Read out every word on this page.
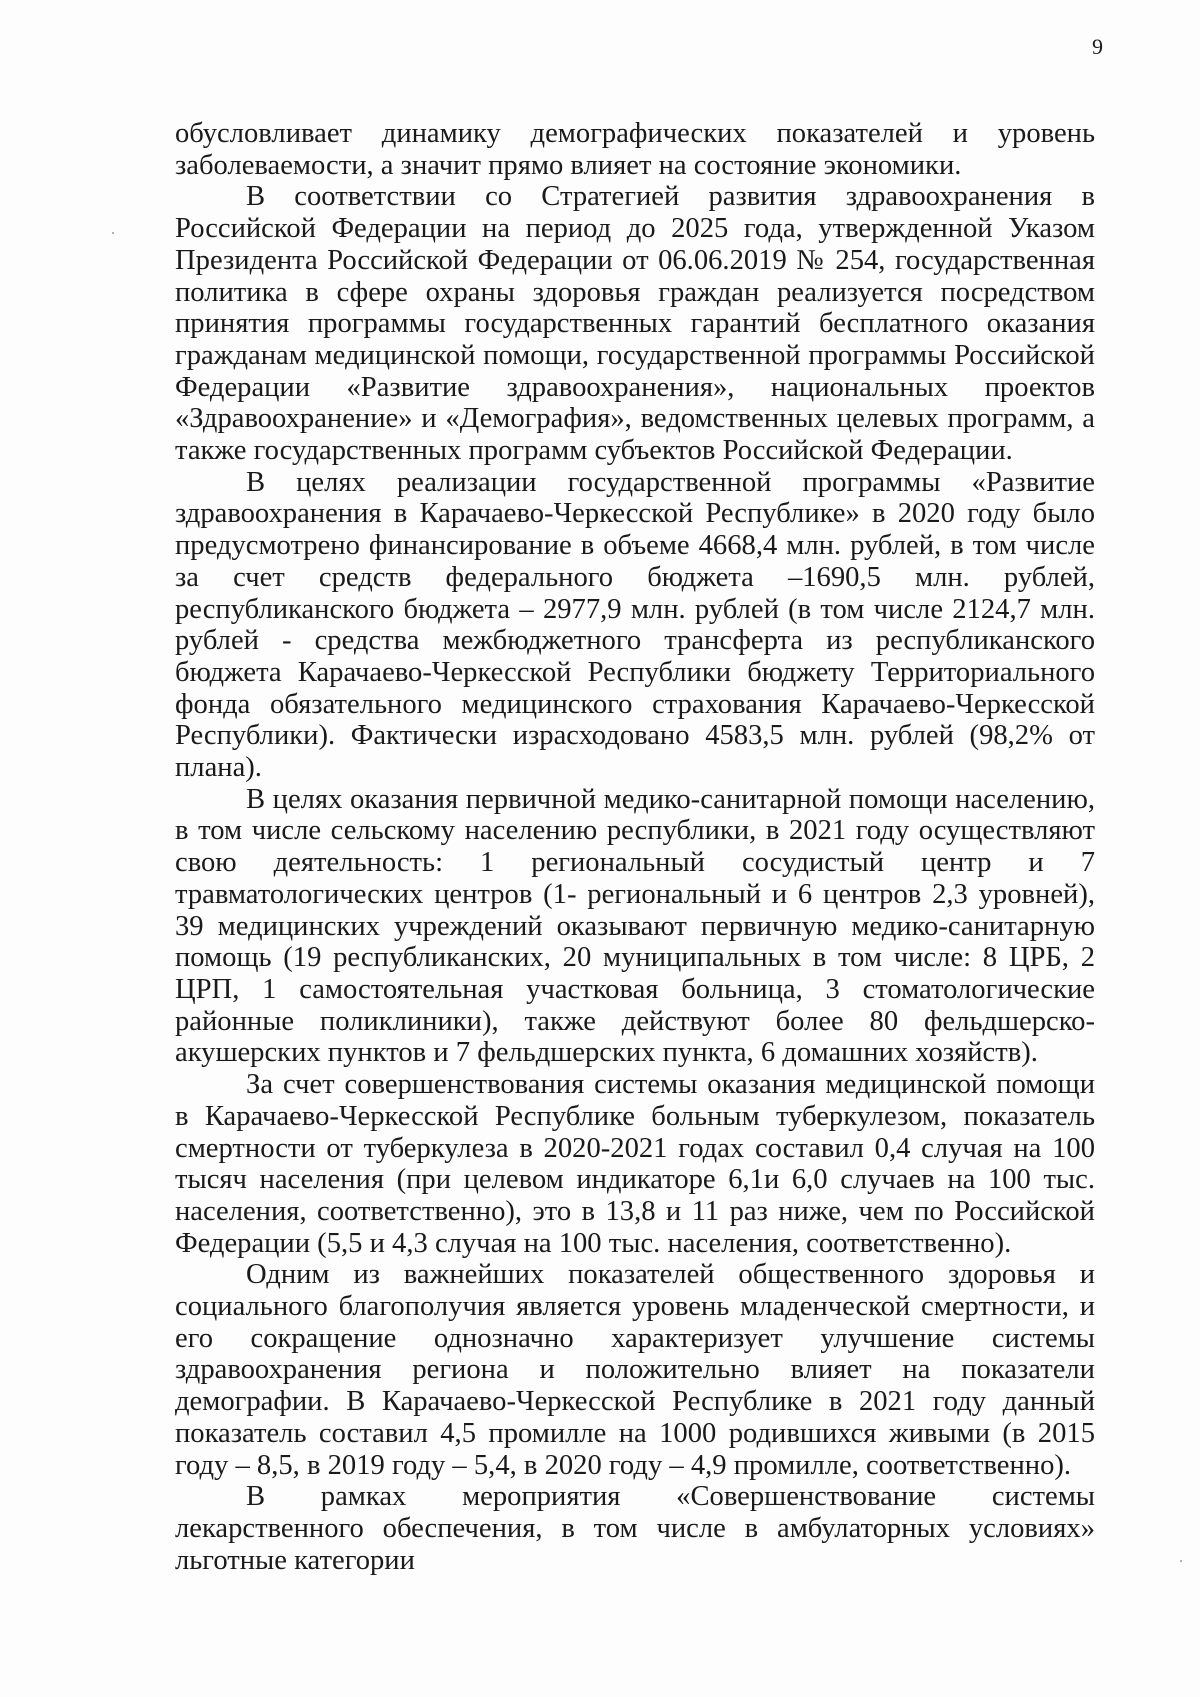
9

обусловливает динамику демографических показателей и уровень заболеваемости, а значит прямо влияет на состояние экономики.

В соответствии со Стратегией развития здравоохранения в Российской Федерации на период до 2025 года, утвержденной Указом Президента Российской Федерации от 06.06.2019 № 254, государственная политика в сфере охраны здоровья граждан реализуется посредством принятия программы государственных гарантий бесплатного оказания гражданам медицинской помощи, государственной программы Российской Федерации «Развитие здравоохранения», национальных проектов «Здравоохранение» и «Демография», ведомственных целевых программ, а также государственных программ субъектов Российской Федерации.

В целях реализации государственной программы «Развитие здравоохранения в Карачаево-Черкесской Республике» в 2020 году было предусмотрено финансирование в объеме 4668,4 млн. рублей, в том числе за счет средств федерального бюджета –1690,5 млн. рублей, республиканского бюджета – 2977,9 млн. рублей (в том числе 2124,7 млн. рублей - средства межбюджетного трансферта из республиканского бюджета Карачаево-Черкесской Республики бюджету Территориального фонда обязательного медицинского страхования Карачаево-Черкесской Республики). Фактически израсходовано 4583,5 млн. рублей (98,2% от плана).

В целях оказания первичной медико-санитарной помощи населению, в том числе сельскому населению республики, в 2021 году осуществляют свою деятельность: 1 региональный сосудистый центр и 7 травматологических центров (1- региональный и 6 центров 2,3 уровней), 39 медицинских учреждений оказывают первичную медико-санитарную помощь (19 республиканских, 20 муниципальных в том числе: 8 ЦРБ, 2 ЦРП, 1 самостоятельная участковая больница, 3 стоматологические районные поликлиники), также действуют более 80 фельдшерско-акушерских пунктов и 7 фельдшерских пункта, 6 домашних хозяйств).

За счет совершенствования системы оказания медицинской помощи в Карачаево-Черкесской Республике больным туберкулезом, показатель смертности от туберкулеза в 2020-2021 годах составил 0,4 случая на 100 тысяч населения (при целевом индикаторе 6,1и 6,0 случаев на 100 тыс. населения, соответственно), это в 13,8 и 11 раз ниже, чем по Российской Федерации (5,5 и 4,3 случая на 100 тыс. населения, соответственно).

Одним из важнейших показателей общественного здоровья и социального благополучия является уровень младенческой смертности, и его сокращение однозначно характеризует улучшение системы здравоохранения региона и положительно влияет на показатели демографии. В Карачаево-Черкесской Республике в 2021 году данный показатель составил 4,5 промилле на 1000 родившихся живыми (в 2015 году – 8,5, в 2019 году – 5,4, в 2020 году – 4,9 промилле, соответственно).

В рамках мероприятия «Совершенствование системы лекарственного обеспечения, в том числе в амбулаторных условиях» льготные категории
